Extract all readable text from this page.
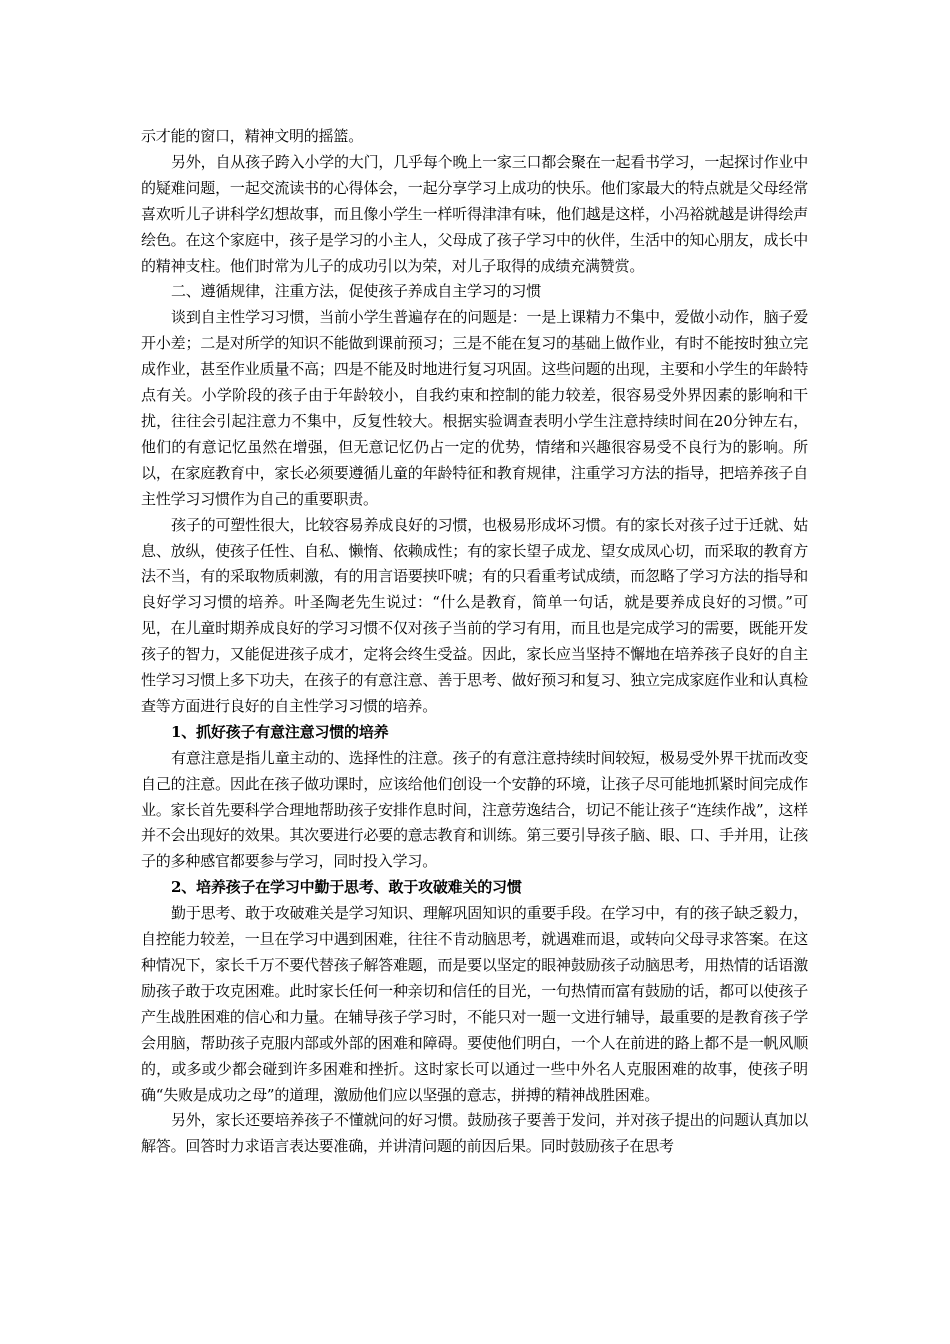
示才能的窗口，精神文明的摇篮。

另外，自从孩子跨入小学的大门，几乎每个晚上一家三口都会聚在一起看书学习，一起探讨作业中的疑难问题，一起交流读书的心得体会，一起分享学习上成功的快乐。他们家最大的特点就是父母经常喜欢听儿子讲科学幻想故事，而且像小学生一样听得津津有味，他们越是这样，小冯裕就越是讲得绘声绘色。在这个家庭中，孩子是学习的小主人，父母成了孩子学习中的伙伴，生活中的知心朋友，成长中的精神支柱。他们时常为儿子的成功引以为荣，对儿子取得的成绩充满赞赏。

二、遵循规律，注重方法，促使孩子养成自主学习的习惯

谈到自主性学习习惯，当前小学生普遍存在的问题是：一是上课精力不集中，爱做小动作，脑子爱开小差；二是对所学的知识不能做到课前预习；三是不能在复习的基础上做作业，有时不能按时独立完成作业，甚至作业质量不高；四是不能及时地进行复习巩固。这些问题的出现，主要和小学生的年龄特点有关。小学阶段的孩子由于年龄较小，自我约束和控制的能力较差，很容易受外界因素的影响和干扰，往往会引起注意力不集中，反复性较大。根据实验调查表明小学生注意持续时间在20分钟左右，他们的有意记忆虽然在增强，但无意记忆仍占一定的优势，情绪和兴趣很容易受不良行为的影响。所以，在家庭教育中，家长必须要遵循儿童的年龄特征和教育规律，注重学习方法的指导，把培养孩子自主性学习习惯作为自己的重要职责。

孩子的可塑性很大，比较容易养成良好的习惯，也极易形成坏习惯。有的家长对孩子过于迁就、姑息、放纵，使孩子任性、自私、懒惰、依赖成性；有的家长望子成龙、望女成凤心切，而采取的教育方法不当，有的采取物质刺激，有的用言语要挟吓唬；有的只看重考试成绩，而忽略了学习方法的指导和良好学习习惯的培养。叶圣陶老先生说过：“什么是教育，简单一句话，就是要养成良好的习惯。”可见，在儿童时期养成良好的学习习惯不仅对孩子当前的学习有用，而且也是完成学习的需要，既能开发孩子的智力，又能促进孩子成才，定将会终生受益。因此，家长应当坚持不懈地在培养孩子良好的自主性学习习惯上多下功夫，在孩子的有意注意、善于思考、做好预习和复习、独立完成家庭作业和认真检查等方面进行良好的自主性学习习惯的培养。

1、抓好孩子有意注意习惯的培养

有意注意是指儿童主动的、选择性的注意。孩子的有意注意持续时间较短，极易受外界干扰而改变自己的注意。因此在孩子做功课时，应该给他们创设一个安静的环境，让孩子尽可能地抓紧时间完成作业。家长首先要科学合理地帮助孩子安排作息时间，注意劳逸结合，切记不能让孩子“连续作战”，这样并不会出现好的效果。其次要进行必要的意志教育和训练。第三要引导孩子脑、眼、口、手并用，让孩子的多种感官都要参与学习，同时投入学习。

2、培养孩子在学习中勤于思考、敢于攻破难关的习惯

勤于思考、敢于攻破难关是学习知识、理解巩固知识的重要手段。在学习中，有的孩子缺乏毅力，自控能力较差，一旦在学习中遇到困难，往往不肯动脑思考，就遇难而退，或转向父母寻求答案。在这种情况下，家长千万不要代替孩子解答难题，而是要以坚定的眼神鼓励孩子动脑思考，用热情的话语激励孩子敢于攻克困难。此时家长任何一种亲切和信任的目光，一句热情而富有鼓励的话，都可以使孩子产生战胜困难的信心和力量。在辅导孩子学习时，不能只对一题一文进行辅导，最重要的是教育孩子学会用脑，帮助孩子克服内部或外部的困难和障碍。要使他们明白，一个人在前进的路上都不是一帆风顺的，或多或少都会碰到许多困难和挫折。这时家长可以通过一些中外名人克服困难的故事，使孩子明确“失败是成功之母”的道理，激励他们应以坚强的意志，拼搏的精神战胜困难。

另外，家长还要培养孩子不懂就问的好习惯。鼓励孩子要善于发问，并对孩子提出的问题认真加以解答。回答时力求语言表达要准确，并讲清问题的前因后果。同时鼓励孩子在思考
